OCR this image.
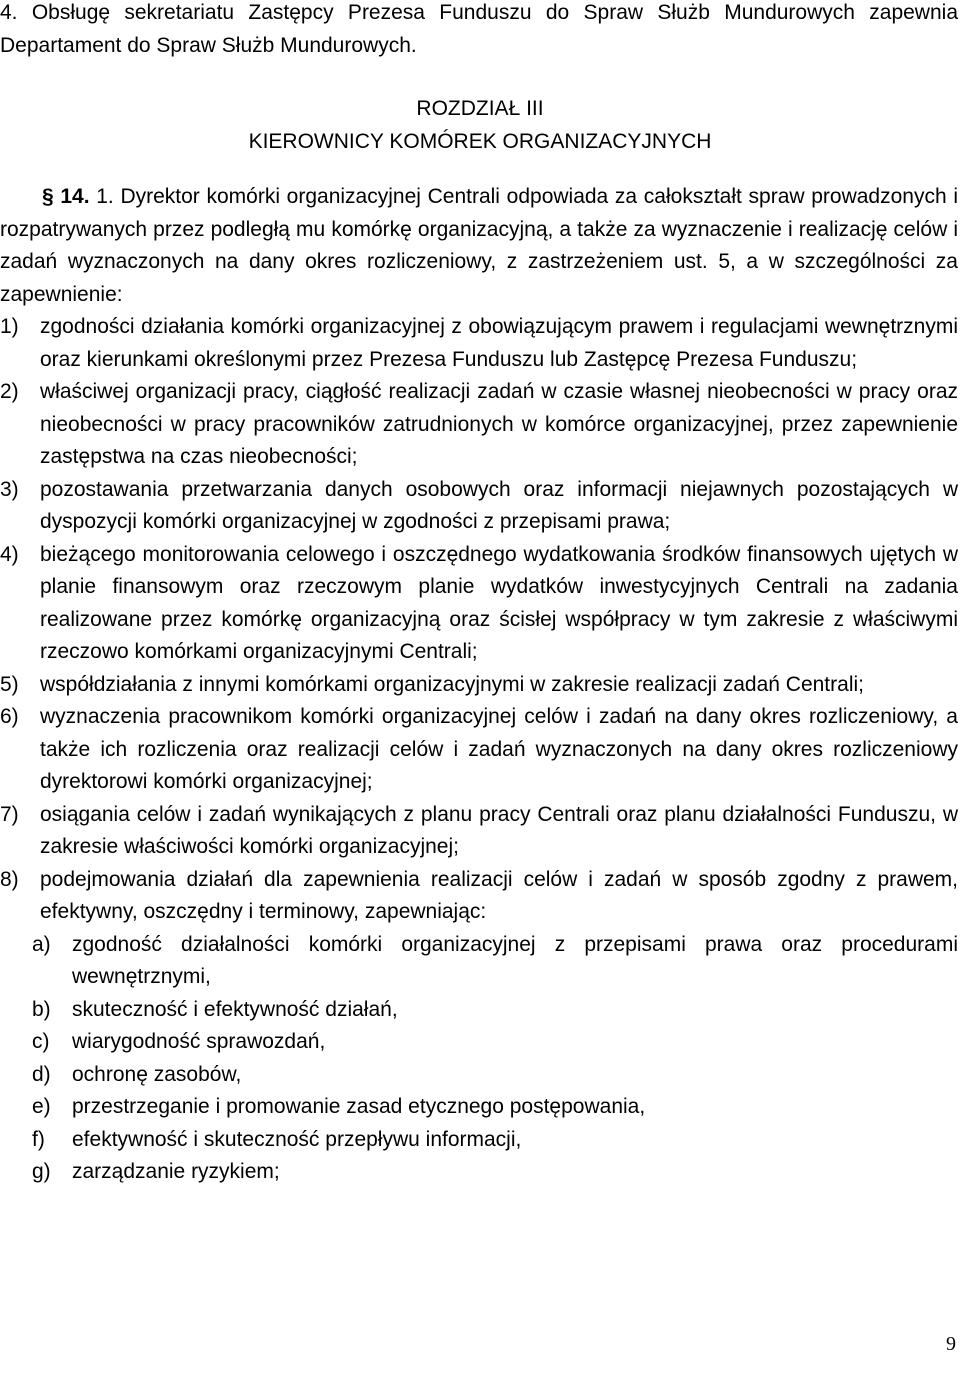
4. Obsługę sekretariatu Zastępcy Prezesa Funduszu do Spraw Służb Mundurowych zapewnia Departament do Spraw Służb Mundurowych.

ROZDZIAŁ III
KIEROWNICY KOMÓREK ORGANIZACYJNYCH

§ 14. 1. Dyrektor komórki organizacyjnej Centrali odpowiada za całokształt spraw prowadzonych i rozpatrywanych przez podległą mu komórkę organizacyjną, a także za wyznaczenie i realizację celów i zadań wyznaczonych na dany okres rozliczeniowy, z zastrzeżeniem ust. 5, a w szczególności za zapewnienie:

1)	zgodności działania komórki organizacyjnej z obowiązującym prawem i regulacjami wewnętrznymi oraz kierunkami określonymi przez Prezesa Funduszu lub Zastępcę Prezesa Funduszu;
2)	właściwej organizacji pracy, ciągłość realizacji zadań w czasie własnej nieobecności w pracy oraz nieobecności w pracy pracowników zatrudnionych w komórce organizacyjnej, przez zapewnienie zastępstwa na czas nieobecności;
3)	pozostawania przetwarzania danych osobowych oraz informacji niejawnych pozostających w dyspozycji komórki organizacyjnej w zgodności z przepisami prawa;
4)	bieżącego monitorowania celowego i oszczędnego wydatkowania środków finansowych ujętych w planie finansowym oraz rzeczowym planie wydatków inwestycyjnych Centrali na zadania realizowane przez komórkę organizacyjną oraz ścisłej współpracy w tym zakresie z właściwymi rzeczowo komórkami organizacyjnymi Centrali;
5)	współdziałania z innymi komórkami organizacyjnymi w zakresie realizacji zadań Centrali;
6)	wyznaczenia pracownikom komórki organizacyjnej celów i zadań na dany okres rozliczeniowy, a także ich rozliczenia oraz realizacji celów i zadań wyznaczonych na dany okres rozliczeniowy dyrektorowi komórki organizacyjnej;
7)	osiągania celów i zadań wynikających z planu pracy Centrali oraz planu działalności Funduszu, w zakresie właściwości komórki organizacyjnej;
8)	podejmowania działań dla zapewnienia realizacji celów i zadań w sposób zgodny z prawem, efektywny, oszczędny i terminowy, zapewniając:
a)	zgodność działalności komórki organizacyjnej z przepisami prawa oraz procedurami wewnętrznymi,
b)	skuteczność i efektywność działań,
c)	wiarygodność sprawozdań,
d)	ochronę zasobów,
e)	przestrzeganie i promowanie zasad etycznego postępowania,
f)	efektywność i skuteczność przepływu informacji,
g)	zarządzanie ryzykiem;
9
